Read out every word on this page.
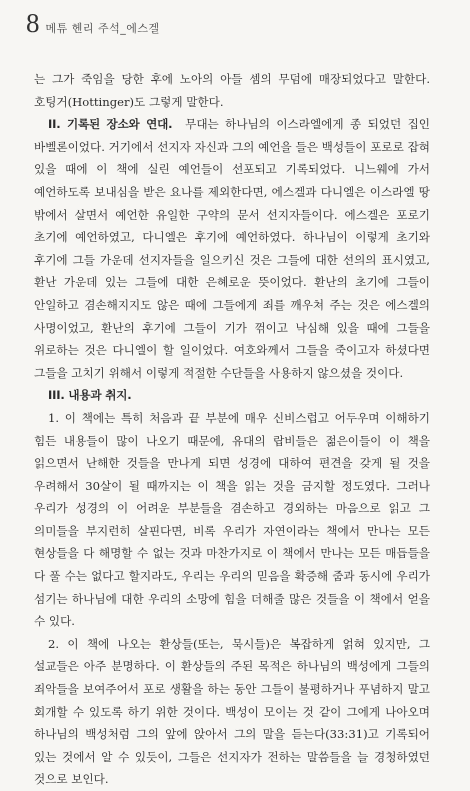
8 메튜 헨리 주석_에스겔

는 그가 죽임을 당한 후에 노아의 아들 셈의 무덤에 매장되었다고 말한다. 호팅거(Hottinger)도 그렇게 말한다.

II. 기록된 장소와 연대. 무대는 하나님의 이스라엘에게 종 되었던 집인 바벨론이었다. 거기에서 선지자 자신과 그의 예언을 들은 백성들이 포로로 잡혀 있을 때에 이 책에 실린 예언들이 선포되고 기록되었다. 니느웨에 가서 예언하도록 보내심을 받은 요나를 제외한다면, 에스겔과 다니엘은 이스라엘 땅 밖에서 살면서 예언한 유일한 구약의 문서 선지자들이다. 에스겔은 포로기 초기에 예언하였고, 다니엘은 후기에 예언하였다. 하나님이 이렇게 초기와 후기에 그들 가운데 선지자들을 일으키신 것은 그들에 대한 선의의 표시였고, 환난 가운데 있는 그들에 대한 은혜로운 뜻이었다. 환난의 초기에 그들이 안일하고 겸손해지지도 않은 때에 그들에게 죄를 깨우쳐 주는 것은 에스겔의 사명이었고, 환난의 후기에 그들이 기가 꺾이고 낙심해 있을 때에 그들을 위로하는 것은 다니엘이 할 일이었다. 여호와께서 그들을 죽이고자 하셨다면 그들을 고치기 위해서 이렇게 적절한 수단들을 사용하지 않으셨을 것이다.

III. 내용과 취지.

1. 이 책에는 특히 처음과 끝 부분에 매우 신비스럽고 어두우며 이해하기 힘든 내용들이 많이 나오기 때문에, 유대의 랍비들은 젊은이들이 이 책을 읽으면서 난해한 것들을 만나게 되면 성경에 대하여 편견을 갖게 될 것을 우려해서 30살이 될 때까지는 이 책을 읽는 것을 금지할 정도였다. 그러나 우리가 성경의 이 어려운 부분들을 겸손하고 경외하는 마음으로 읽고 그 의미들을 부지런히 살핀다면, 비록 우리가 자연이라는 책에서 만나는 모든 현상들을 다 해명할 수 없는 것과 마찬가지로 이 책에서 만나는 모든 매듭들을 다 풀 수는 없다고 할지라도, 우리는 우리의 믿음을 확증해 줌과 동시에 우리가 섬기는 하나님에 대한 우리의 소망에 힘을 더해줄 많은 것들을 이 책에서 얻을 수 있다.

2. 이 책에 나오는 환상들(또는, 묵시들)은 복잡하게 얽혀 있지만, 그 설교들은 아주 분명하다. 이 환상들의 주된 목적은 하나님의 백성에게 그들의 죄악들을 보여주어서 포로 생활을 하는 동안 그들이 불평하거나 푸념하지 말고 회개할 수 있도록 하기 위한 것이다. 백성이 모이는 것 같이 그에게 나아오며 하나님의 백성처럼 그의 앞에 앉아서 그의 말을 듣는다(33:31)고 기록되어 있는 것에서 알 수 있듯이, 그들은 선지자가 전하는 말씀들을 늘 경청하였던 것으로 보인다.
